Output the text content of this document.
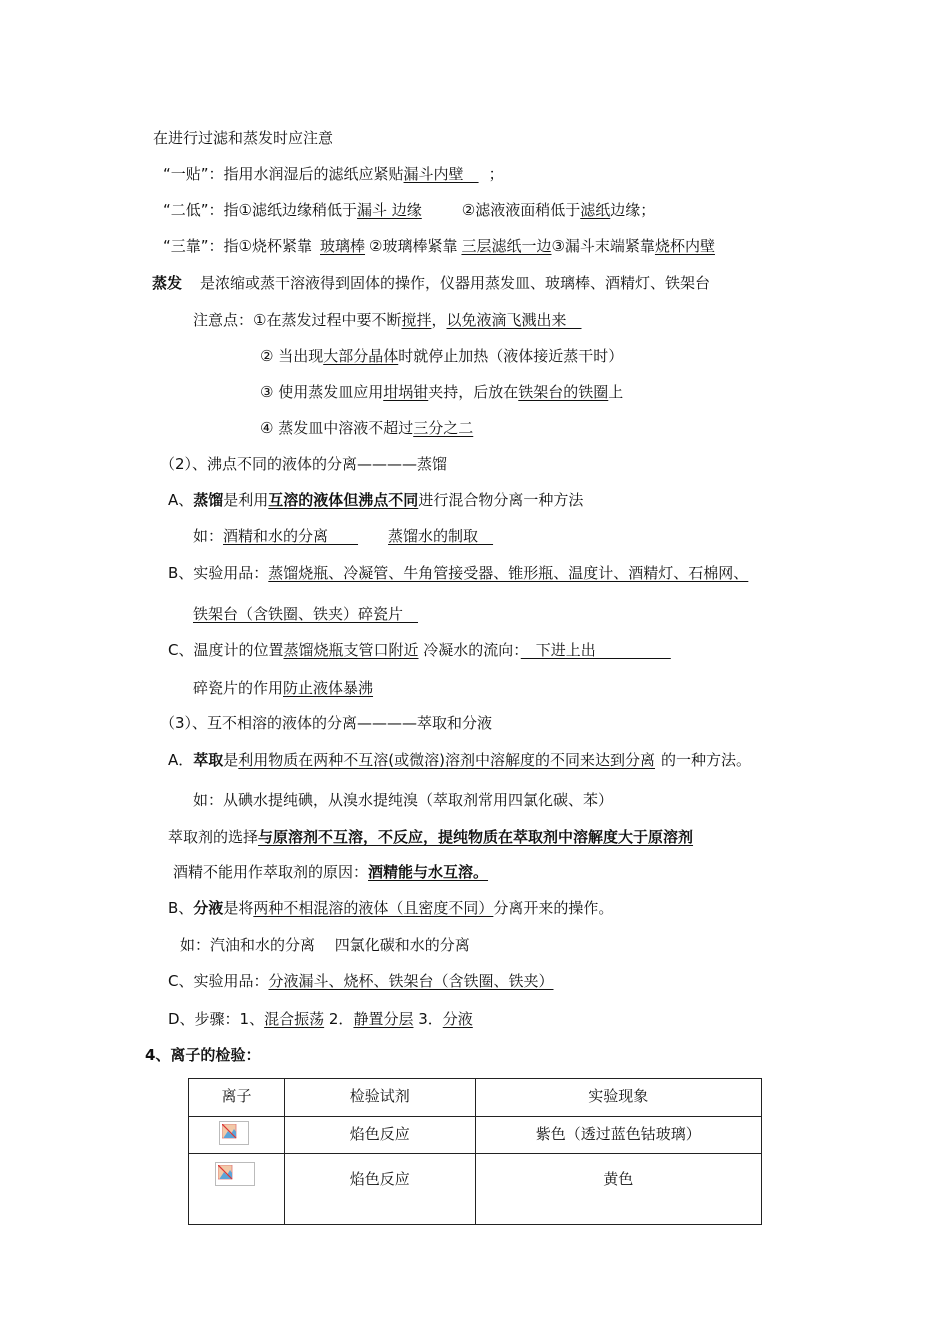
在进行过滤和蒸发时应注意
“一贴”：指用水润湿后的滤纸应紧贴漏斗内壁　；
“二低”：指①滤纸边缘稍低于漏斗 边缘	②滤液液面稍低于滤纸边缘；
“三靠”：指①烧杯紧靠 玻璃棒 ②玻璃棒紧靠 三层滤纸一边③漏斗末端紧靠烧杯内壁
蒸发 是浓缩或蒸干溶液得到固体的操作，仪器用蒸发皿、玻璃棒、酒精灯、铁架台
注意点：①在蒸发过程中要不断搅拌，以免液滴飞溅出来　
② 当出现大部分晶体时就停止加热（液体接近蒸干时）
③ 使用蒸发皿应用坩埚钳夹持，后放在铁架台的铁圈上
④ 蒸发皿中溶液不超过三分之二
（2）、沸点不同的液体的分离————蒸馏
A、蒸馏是利用互溶的液体但沸点不同进行混合物分离一种方法
如：酒精和水的分离　　蒸馏水的制取　
B、实验用品：蒸馏烧瓶、冷凝管、牛角管接受器、锥形瓶、温度计、酒精灯、石棉网、
铁架台（含铁圈、铁夹）碎瓷片　
C、温度计的位置蒸馏烧瓶支管口附近 冷凝水的流向：　下进上出　　　　　
碎瓷片的作用防止液体暴沸
（3）、互不相溶的液体的分离————萃取和分液
A．萃取是利用物质在两种不互溶(或微溶)溶剂中溶解度的不同来达到分离 的一种方法。
如：从碘水提纯碘，从溴水提纯溴（萃取剂常用四氯化碳、苯）
萃取剂的选择与原溶剂不互溶，不反应，提纯物质在萃取剂中溶解度大于原溶剂
酒精不能用作萃取剂的原因：酒精能与水互溶。
B、分液是将两种不相混溶的液体（且密度不同）分离开来的操作。
如：汽油和水的分离　 四氯化碳和水的分离
C、实验用品：分液漏斗、烧杯、铁架台（含铁圈、铁夹）
D、步骤：1、混合振荡 2．静置分层 3．分液
4、离子的检验：
离子	检验试剂	实验现象

	焰色反应	紫色（透过蓝色钴玻璃）

	焰色反应	黄色
